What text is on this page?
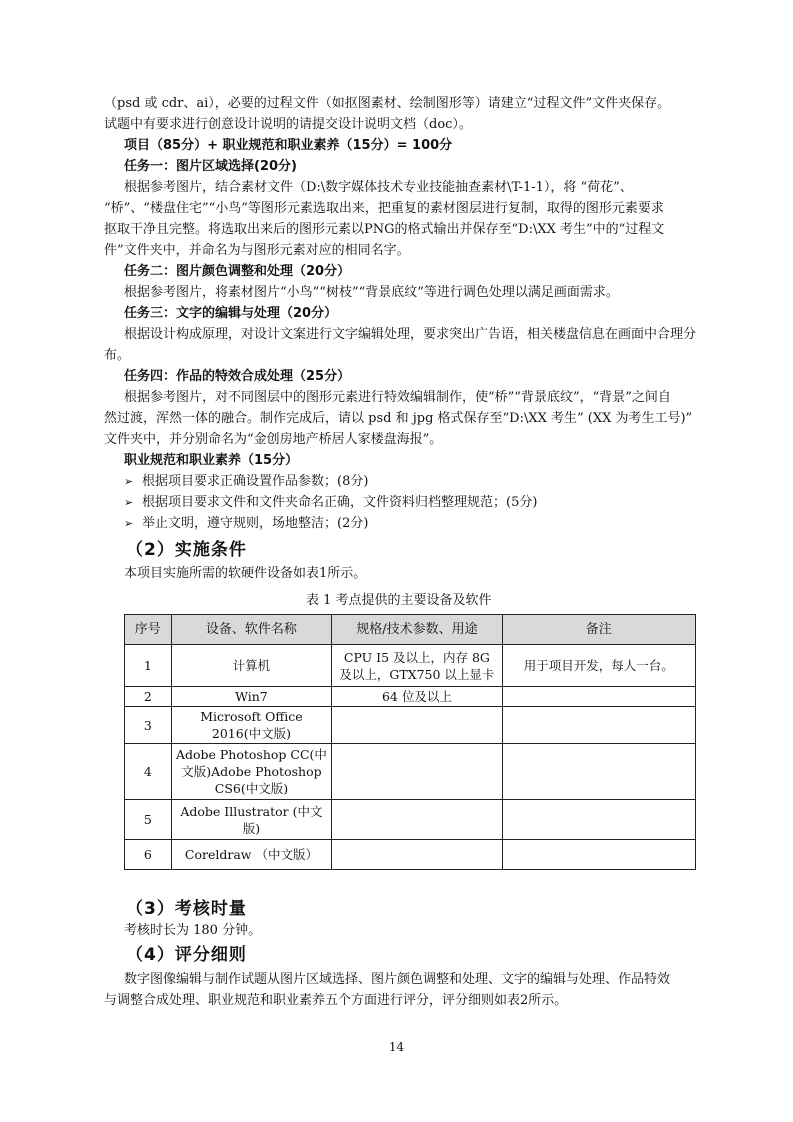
（psd 或 cdr、ai），必要的过程文件（如抠图素材、绘制图形等）请建立“过程文件”文件夹保存。
试题中有要求进行创意设计说明的请提交设计说明文档（doc）。
项目（85分）+ 职业规范和职业素养（15分）= 100分
任务一：图片区域选择(20分)
根据参考图片，结合素材文件（D:\数字媒体技术专业技能抽查素材\T-1-1），将 “荷花”、
“桥”、“楼盘住宅”“小鸟”等图形元素选取出来，把重复的素材图层进行复制，取得的图形元素要求
抠取干净且完整。将选取出来后的图形元素以PNG的格式输出并保存至“D:\XX 考生”中的“过程文
件”文件夹中，并命名为与图形元素对应的相同名字。
任务二：图片颜色调整和处理（20分）
根据参考图片，将素材图片“小鸟”“树枝”“背景底纹”等进行调色处理以满足画面需求。
任务三：文字的编辑与处理（20分）
根据设计构成原理，对设计文案进行文字编辑处理，要求突出广告语，相关楼盘信息在画面中合理分
布。
任务四：作品的特效合成处理（25分）
根据参考图片，对不同图层中的图形元素进行特效编辑制作，使“桥”“背景底纹”，“背景”之间自
然过渡，浑然一体的融合。制作完成后，请以 psd 和 jpg 格式保存至“D:\XX 考生” (XX 为考生工号)”
文件夹中，并分别命名为“金创房地产桥居人家楼盘海报”。
职业规范和职业素养（15分）
➢ 根据项目要求正确设置作品参数；(8分)
➢ 根据项目要求文件和文件夹命名正确，文件资料归档整理规范；(5分)
➢ 举止文明，遵守规则，场地整洁；(2分)
（2）实施条件
本项目实施所需的软硬件设备如表1所示。
表 1 考点提供的主要设备及软件
序号	设备、软件名称	规格/技术参数、用途	备注
1	计算机	CPU I5 及以上，内存 8G 及以上，GTX750 以上显卡	用于项目开发，每人一台。
2	Win7	64 位及以上	
3	Microsoft Office 2016(中文版)		
4	Adobe Photoshop CC(中文版)Adobe Photoshop CS6(中文版)		
5	Adobe Illustrator (中文版)		
6	Coreldraw （中文版）		
（3）考核时量
考核时长为 180 分钟。
（4）评分细则
数字图像编辑与制作试题从图片区域选择、图片颜色调整和处理、文字的编辑与处理、作品特效
与调整合成处理、职业规范和职业素养五个方面进行评分，评分细则如表2所示。
14
